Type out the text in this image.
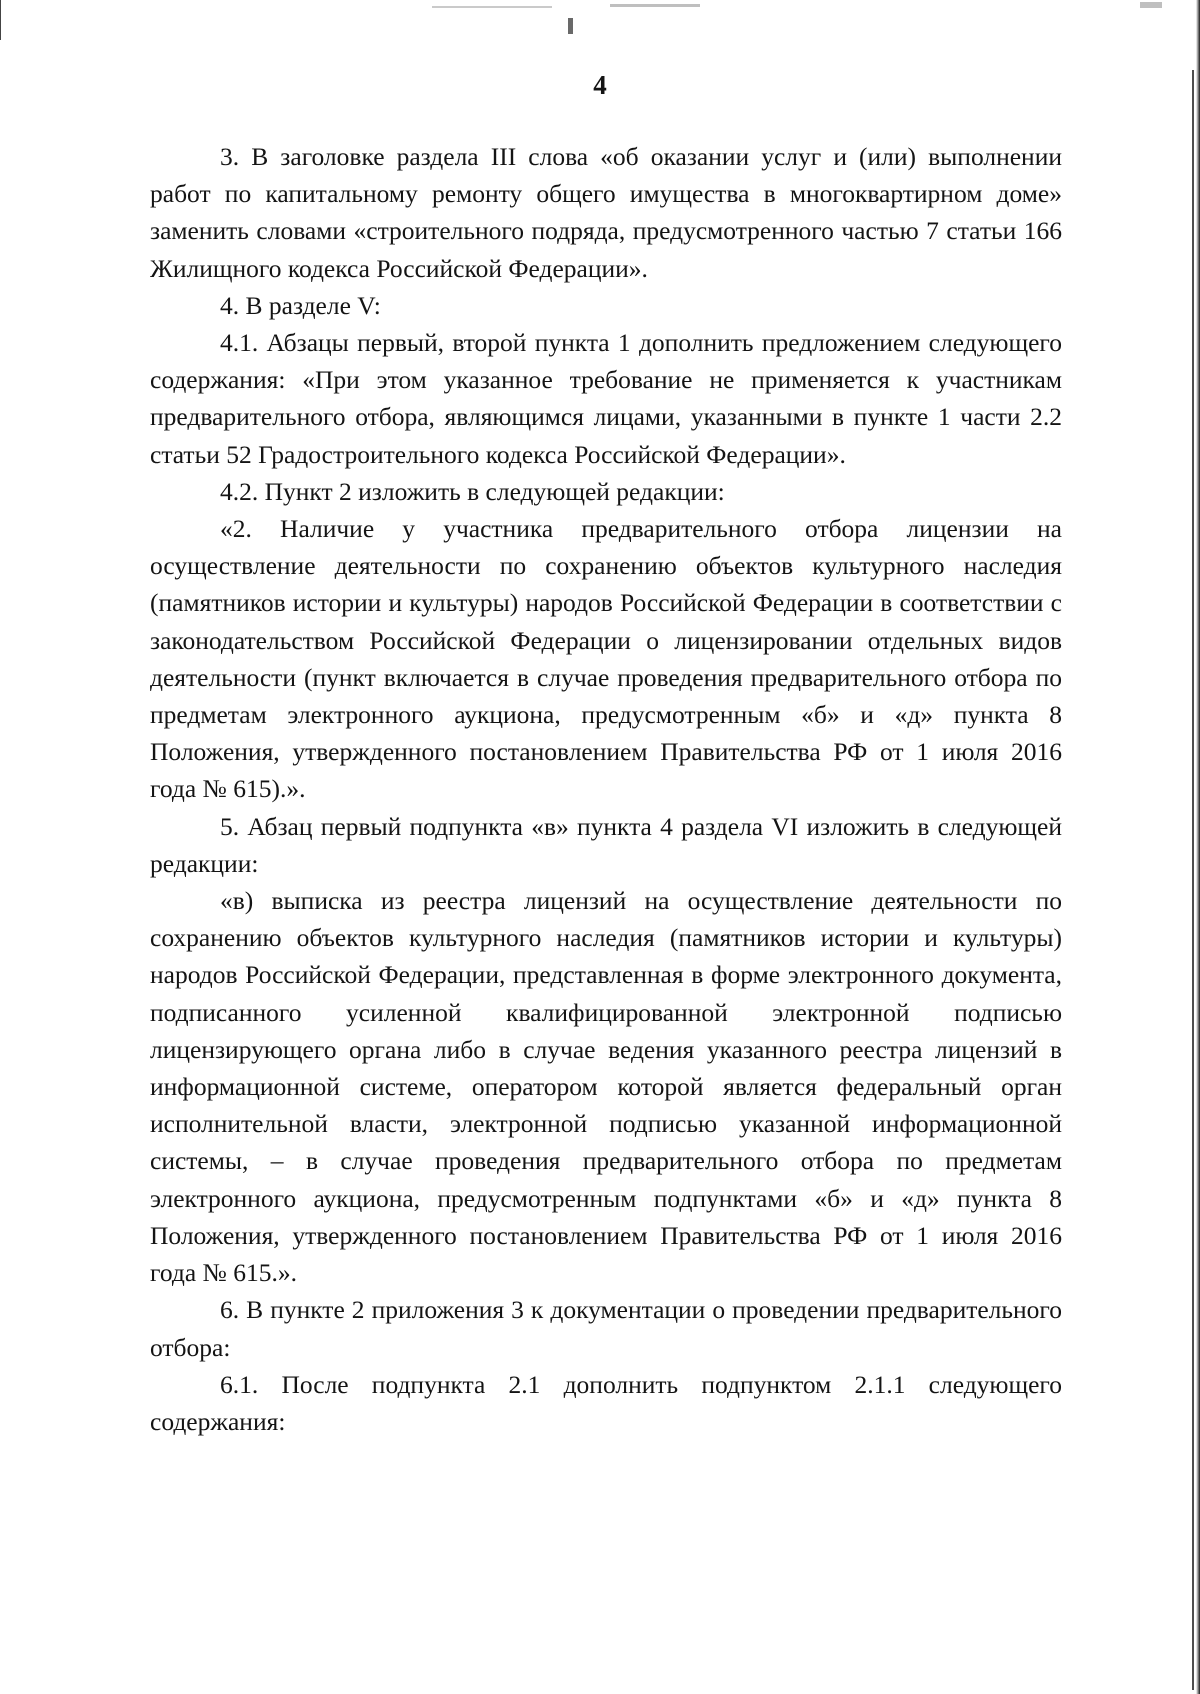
4

3. В заголовке раздела III слова «об оказании услуг и (или) выполнении работ по капитальному ремонту общего имущества в многоквартирном доме» заменить словами «строительного подряда, предусмотренного частью 7 статьи 166 Жилищного кодекса Российской Федерации».

4. В разделе V:

4.1. Абзацы первый, второй пункта 1 дополнить предложением следующего содержания: «При этом указанное требование не применяется к участникам предварительного отбора, являющимся лицами, указанными в пункте 1 части 2.2 статьи 52 Градостроительного кодекса Российской Федерации».

4.2. Пункт 2 изложить в следующей редакции:

«2. Наличие у участника предварительного отбора лицензии на осуществление деятельности по сохранению объектов культурного наследия (памятников истории и культуры) народов Российской Федерации в соответствии с законодательством Российской Федерации о лицензировании отдельных видов деятельности (пункт включается в случае проведения предварительного отбора по предметам электронного аукциона, предусмотренным «б» и «д» пункта 8 Положения, утвержденного постановлением Правительства РФ от 1 июля 2016 года № 615).».

5. Абзац первый подпункта «в» пункта 4 раздела VI изложить в следующей редакции:

«в) выписка из реестра лицензий на осуществление деятельности по сохранению объектов культурного наследия (памятников истории и культуры) народов Российской Федерации, представленная в форме электронного документа, подписанного усиленной квалифицированной электронной подписью лицензирующего органа либо в случае ведения указанного реестра лицензий в информационной системе, оператором которой является федеральный орган исполнительной власти, электронной подписью указанной информационной системы, – в случае проведения предварительного отбора по предметам электронного аукциона, предусмотренным подпунктами «б» и «д» пункта 8 Положения, утвержденного постановлением Правительства РФ от 1 июля 2016 года № 615.».

6. В пункте 2 приложения 3 к документации о проведении предварительного отбора:

6.1. После подпункта 2.1 дополнить подпунктом 2.1.1 следующего содержания:
